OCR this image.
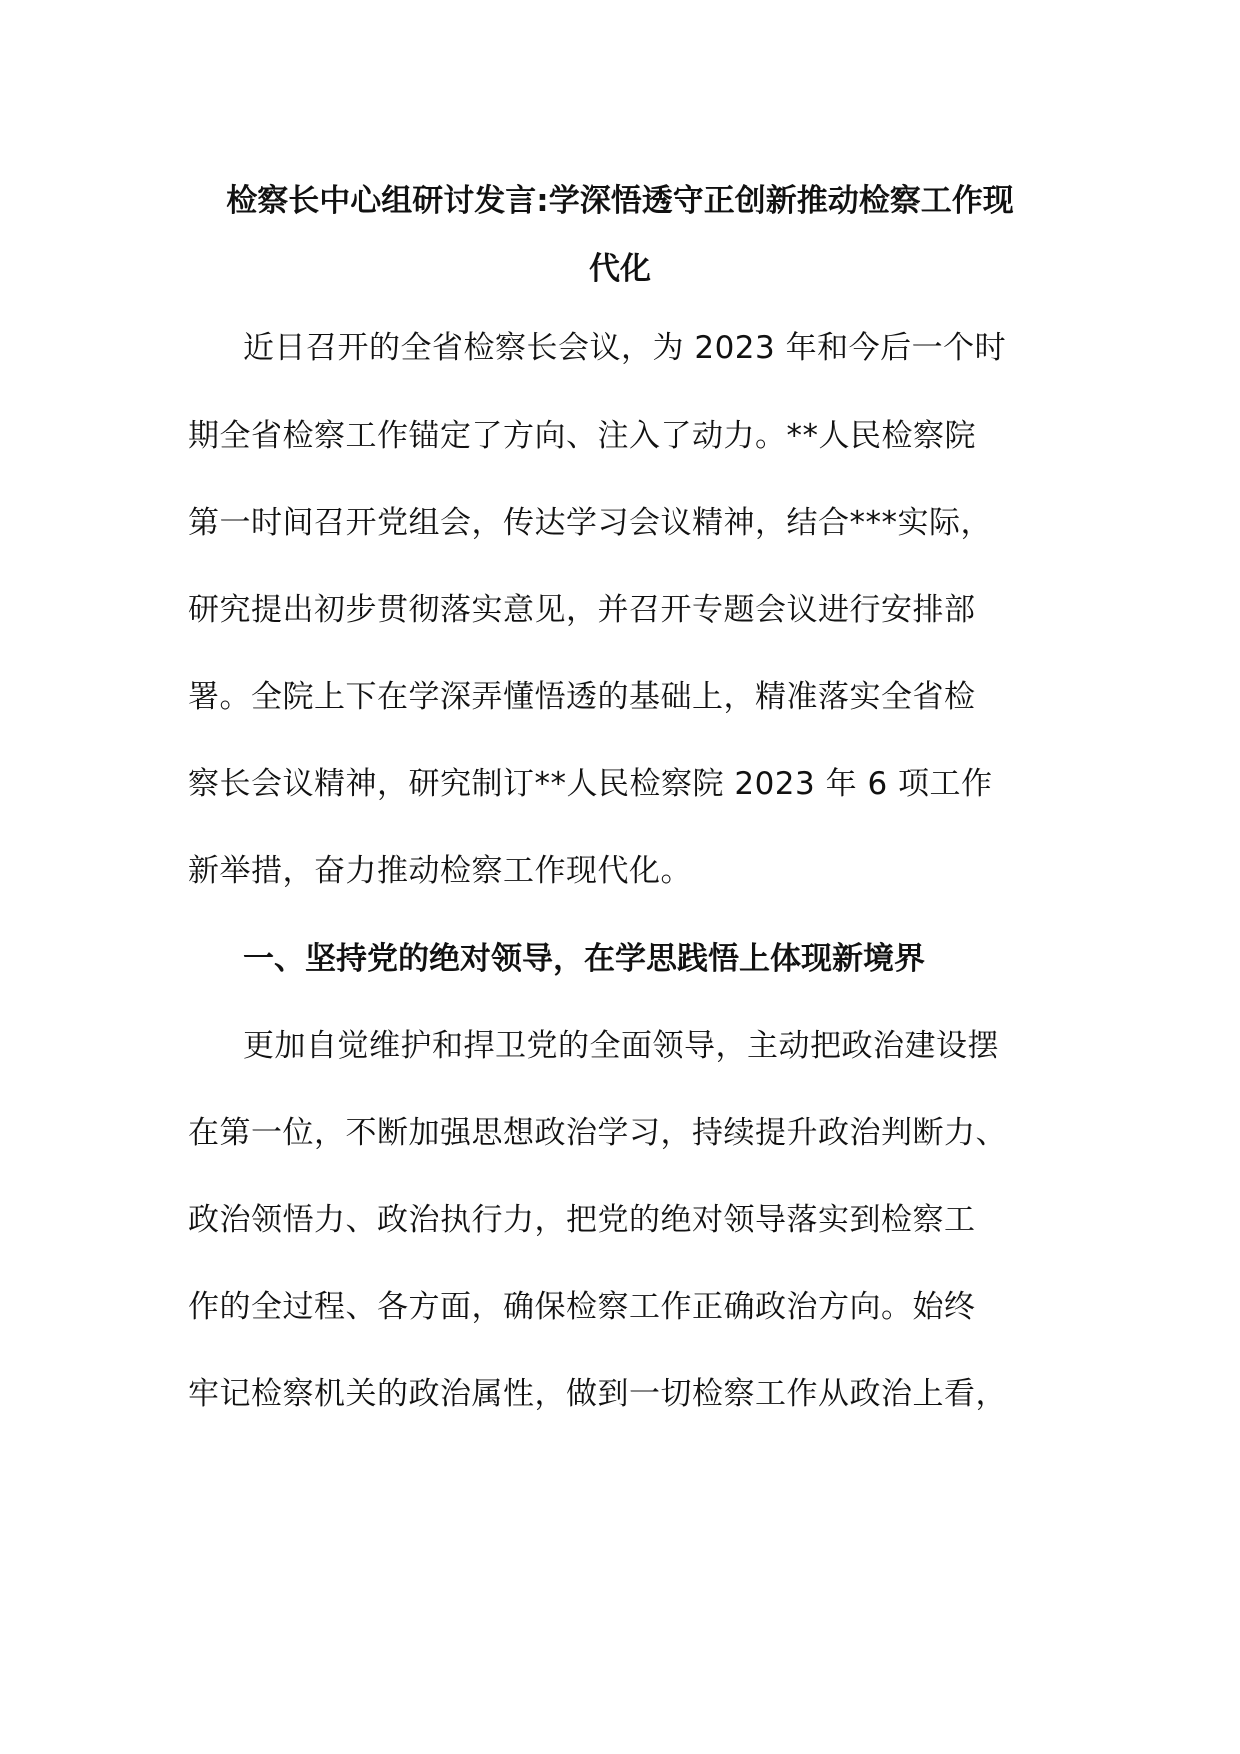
检察长中心组研讨发言:学深悟透守正创新推动检察工作现
代化
近日召开的全省检察长会议，为 2023 年和今后一个时
期全省检察工作锚定了方向、注入了动力。**人民检察院
第一时间召开党组会，传达学习会议精神，结合***实际，
研究提出初步贯彻落实意见，并召开专题会议进行安排部
署。全院上下在学深弄懂悟透的基础上，精准落实全省检
察长会议精神，研究制订**人民检察院 2023 年 6 项工作
新举措，奋力推动检察工作现代化。
一、坚持党的绝对领导，在学思践悟上体现新境界
更加自觉维护和捍卫党的全面领导，主动把政治建设摆
在第一位，不断加强思想政治学习，持续提升政治判断力、
政治领悟力、政治执行力，把党的绝对领导落实到检察工
作的全过程、各方面，确保检察工作正确政治方向。始终
牢记检察机关的政治属性，做到一切检察工作从政治上看，
